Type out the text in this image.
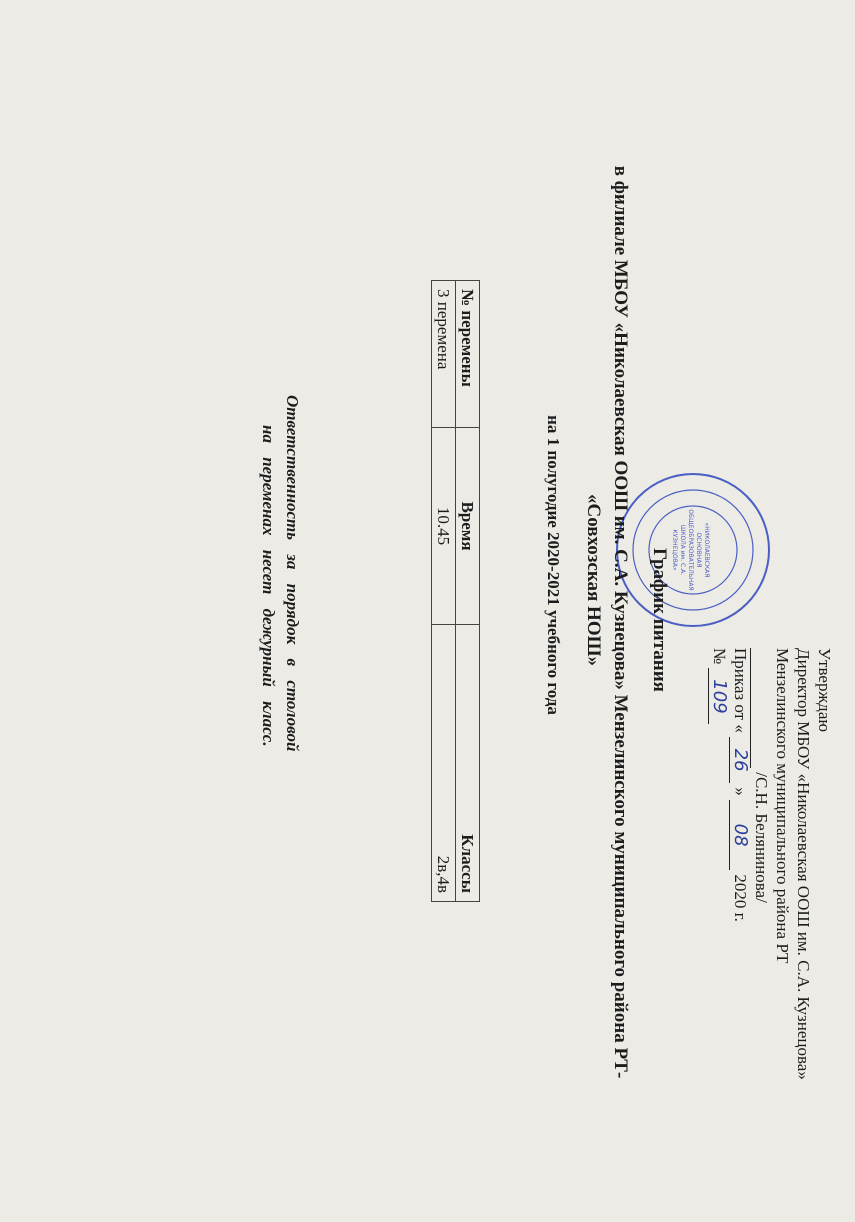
Утверждаю
Директор МБОУ «Николаевская ООШ им. С.А. Кузнецова»
Мензелинского муниципального района РТ
/С.Н. Белянинова/
Приказ от « 26 » 08 2020 г.
№ 109
«НИКОЛАЕВСКАЯ
ОСНОВНАЯ
ОБЩЕОБРАЗОВАТЕЛЬНАЯ
ШКОЛА им. С.А.
КУЗНЕЦОВА»
График питания
в филиале МБОУ «Николаевская ООШ им. С.А. Кузнецова» Мензелинского муниципального района РТ-
«Совхозская НОШ»
на 1 полугодие 2020-2021 учебного года
№ перемены	Время	Классы
3 перемена	10.45	2в,4в
Ответственность за порядок в столовой
на переменах несет дежурный класс.
